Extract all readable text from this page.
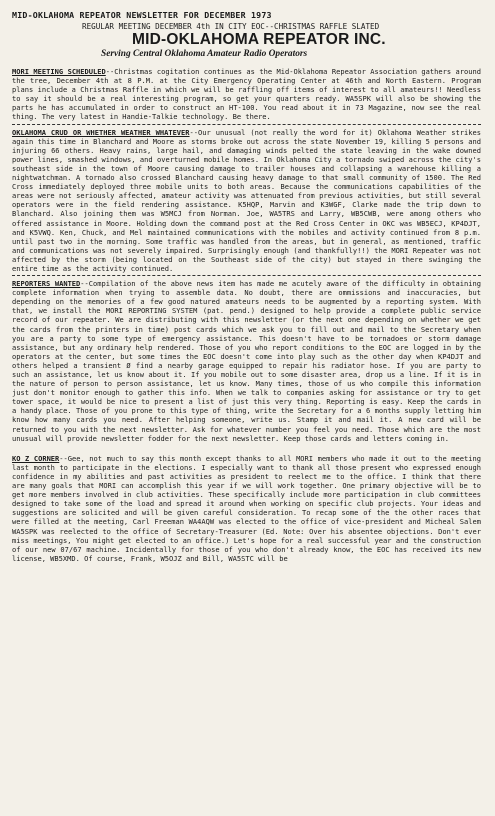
MID-OKLAHOMA REPEATOR NEWSLETTER FOR DECEMBER 1973
REGULAR MEETING DECEMBER 4th IN CITY EOC--CHRISTMAS RAFFLE SLATED
MID-OKLAHOMA REPEATOR INC.
Serving Central Oklahoma Amateur Radio Operators
MORI MEETING SCHEDULED--Christmas cogitation continues as the Mid-Oklahoma Repeator Association gathers around the tree, December 4th at 8 P.M. at the City Emergency Operating Center at 46th and North Eastern. Program plans include a Christmas Raffle in which we will be raffling off items of interest to all amateurs!! Needless to say it should be a real interesting program, so get your quarters ready. WA5SPK will also be showing the parts he has accumulated in order to construct an HT-100. You read about it in 73 Magazine, now see the real thing. The very latest in Handie-Talkie technology. Be there.
OKLAHOMA CRUD OR WHETHER WEATHER WHATEVER--Our unusual (not really the word for it) Oklahoma Weather strikes again this time in Blanchard and Moore as storms broke out across the state November 19, killing 5 persons and injuring 66 others. Heavy rains, large hail, and damaging winds pelted the state leaving in the wake downed power lines, smashed windows, and overturned mobile homes. In Oklahoma City a tornado swiped across the city's southeast side in the town of Moore causing damage to trailer houses and collapsing a warehouse killing a nightwatchman. A tornado also crossed Blanchard causing heavy damage to that small community of 1500. The Red Cross immediately deployed three mobile units to both areas. Because the communications capabilities of the areas were not seriously affected, amateur activity was attenuated from previous activities, but still several operators were in the field rendering assistance. K5HQP, Marvin and K3WGF, Clarke made the trip down to Blanchard. Also joining them was W5MCJ from Norman. Joe, WA5TRS and Larry, WB5CWB, were among others who offered assistance in Moore. Holding down the command post at the Red Cross Center in OKC was WB5ECJ, KP4DJT, and K5VWQ. Ken, Chuck, and Mel maintained communications with the mobiles and activity continued from 8 p.m. until past two in the morning. Some traffic was handled from the areas, but in general, as mentioned, traffic and communications was not severely impaired. Surprisingly enough (and thankfully!!) the MORI Repeater was not affected by the storm (being located on the Southeast side of the city) but stayed in there swinging the entire time as the activity continued.
REPORTERS WANTED--Compilation of the above news item has made me acutely aware of the difficulty in obtaining complete information when trying to assemble data. No doubt, there are ommissions and inaccuracies, but depending on the memories of a few good natured amateurs needs to be augmented by a reporting system. With that, we install the MORI REPORTING SYSTEM (pat. pend.) designed to help provide a complete public service record of our repeater. We are distributing with this newsletter (or the next one depending on whether we get the cards from the printers in time) post cards which we ask you to fill out and mail to the Secretary when you are a party to some type of emergency assistance. This doesn't have to be tornadoes or storm damage assistance, but any ordinary help rendered. Those of you who report conditions to the EOC are logged in by the operators at the center, but some times the EOC doesn't come into play such as the other day when KP4DJT and others helped a transient Ø find a nearby garage equipped to repair his radiator hose. If you are party to such an assistance, let us know about it. If you mobile out to some disaster area, drop us a line. If it is in the nature of person to person assistance, let us know. Many times, those of us who compile this information just don't monitor enough to gather this info. When we talk to companies asking for assistance or try to get tower space, it would be nice to present a list of just this very thing. Reporting is easy. Keep the cards in a handy place. Those of you prone to this type of thing, write the Secretary for a 6 months supply letting him know how many cards you need. After helping someone, write us. Stamp it and mail it. A new card will be returned to you with the next newsletter. Ask for whatever number you feel you need. Those which are the most unusual will provide newsletter fodder for the next newsletter. Keep those cards and letters coming in.
KO Z CORNER--Gee, not much to say this month except thanks to all MORI members who made it out to the meeting last month to participate in the elections. I especially want to thank all those present who expressed enough confidence in my abilities and past activities as president to reelect me to the office. I think that there are many goals that MORI can accomplish this year if we will work together. One primary objective will be to get more members involved in club activities. These specifically include more participation in club committees designed to take some of the load and spread it around when working on specific club projects. Your ideas and suggestions are solicited and will be given careful consideration. To recap some of the the other races that were filled at the meeting, Carl Freeman WA4AQW was elected to the office of vice-president and Micheal Salem WA5SPK was reelected to the office of Secretary-Treasurer (Ed. Note: Over his absentee objections. Don't ever miss meetings, You might get elected to an office.) Let's hope for a real successful year and the construction of our new 07/67 machine. Incidentally for those of you who don't already know, the EOC has received its new license, WB5XMD. Of course, Frank, W5OJZ and Bill, WA5STC will be
